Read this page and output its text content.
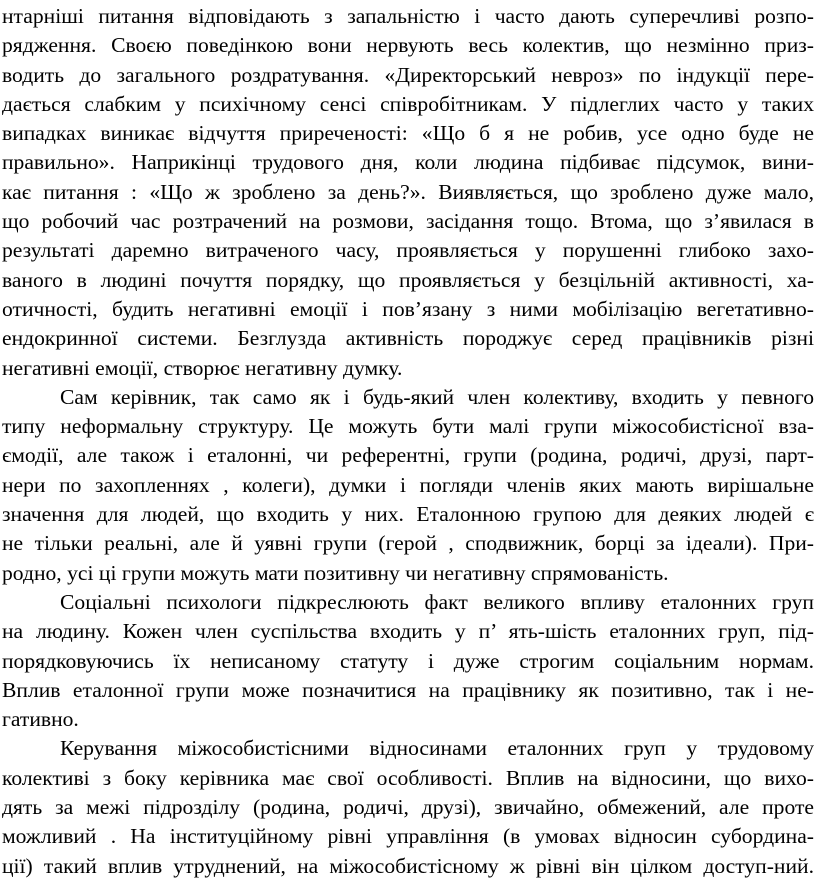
нтарніші питання відповідають з запальністю і часто дають суперечливі розпо-
рядження. Своєю поведінкою вони нервують весь колектив, що незмінно приз-
водить до загального роздратування. «Директорський невроз» по індукції пере-
дається слабким у психічному сенсі співробітникам. У підлеглих часто у таких
випадках виникає відчуття приреченості: «Що б я не робив, усе одно буде не
правильно». Наприкінці трудового дня, коли людина підбиває підсумок, вини-
кає питання : «Що ж зроблено за день?». Виявляється, що зроблено дуже мало,
що робочий час розтрачений на розмови, засідання тощо. Втома, що з’явилася в
результаті даремно витраченого часу, проявляється у порушенні глибоко захо-
ваного в людині почуття порядку, що проявляється у безцільній активності, ха-
отичності, будить негативні емоції і пов’язану з ними мобілізацію вегетативно-
ендокринної системи. Безглузда активність породжує серед працівників різні
негативні емоції, створює негативну думку.
Сам керівник, так само як і будь-який член колективу, входить у певного
типу неформальну структуру. Це можуть бути малі групи міжособистісної вза-
ємодії, але також і еталонні, чи референтні, групи (родина, родичі, друзі, парт-
нери по захопленнях , колеги), думки і погляди членів яких мають вирішальне
значення для людей, що входить у них. Еталонною групою для деяких людей є
не тільки реальні, але й уявні групи (герой , сподвижник, борці за ідеали). При-
родно, усі ці групи можуть мати позитивну чи негативну спрямованість.
Соціальні психологи підкреслюють факт великого впливу еталонних груп
на людину. Кожен член суспільства входить у п’ ять-шість еталонних груп, під-
порядковуючись їх неписаному статуту і дуже строгим соціальним нормам.
Вплив еталонної групи може позначитися на працівнику як позитивно, так і не-
гативно.
Керування міжособистісними відносинами еталонних груп у трудовому
колективі з боку керівника має свої особливості. Вплив на відносини, що вихо-
дять за межі підрозділу (родина, родичі, друзі), звичайно, обмежений, але проте
можливий . На інституційному рівні управління (в умовах відносин субордина-
ції) такий вплив утруднений, на міжособистісному ж рівні він цілком доступ-ний.
